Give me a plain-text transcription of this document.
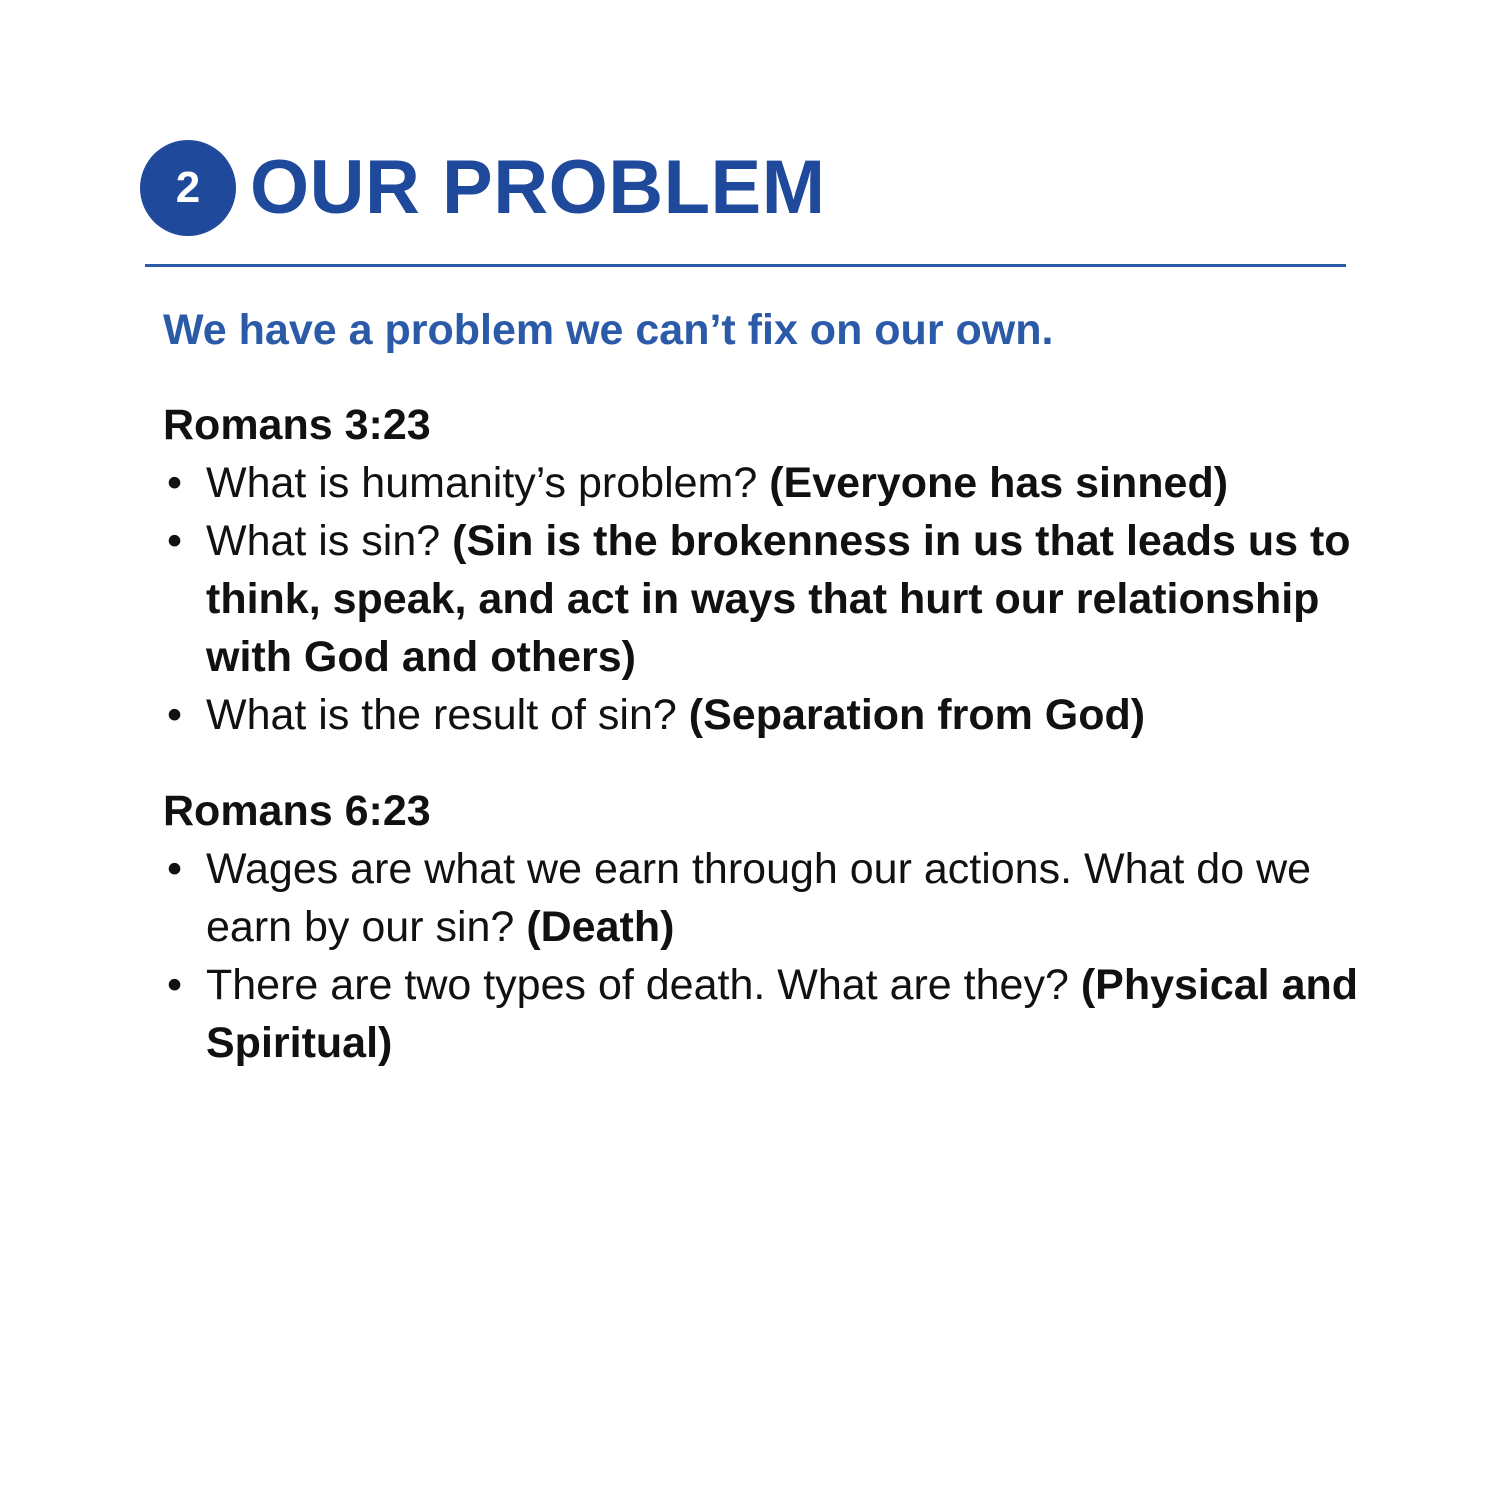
2 OUR PROBLEM
We have a problem we can’t fix on our own.
Romans 3:23
• What is humanity’s problem? (Everyone has sinned)
• What is sin? (Sin is the brokenness in us that leads us to think, speak, and act in ways that hurt our relationship with God and others)
• What is the result of sin? (Separation from God)
Romans 6:23
• Wages are what we earn through our actions. What do we earn by our sin? (Death)
• There are two types of death. What are they? (Physical and Spiritual)
